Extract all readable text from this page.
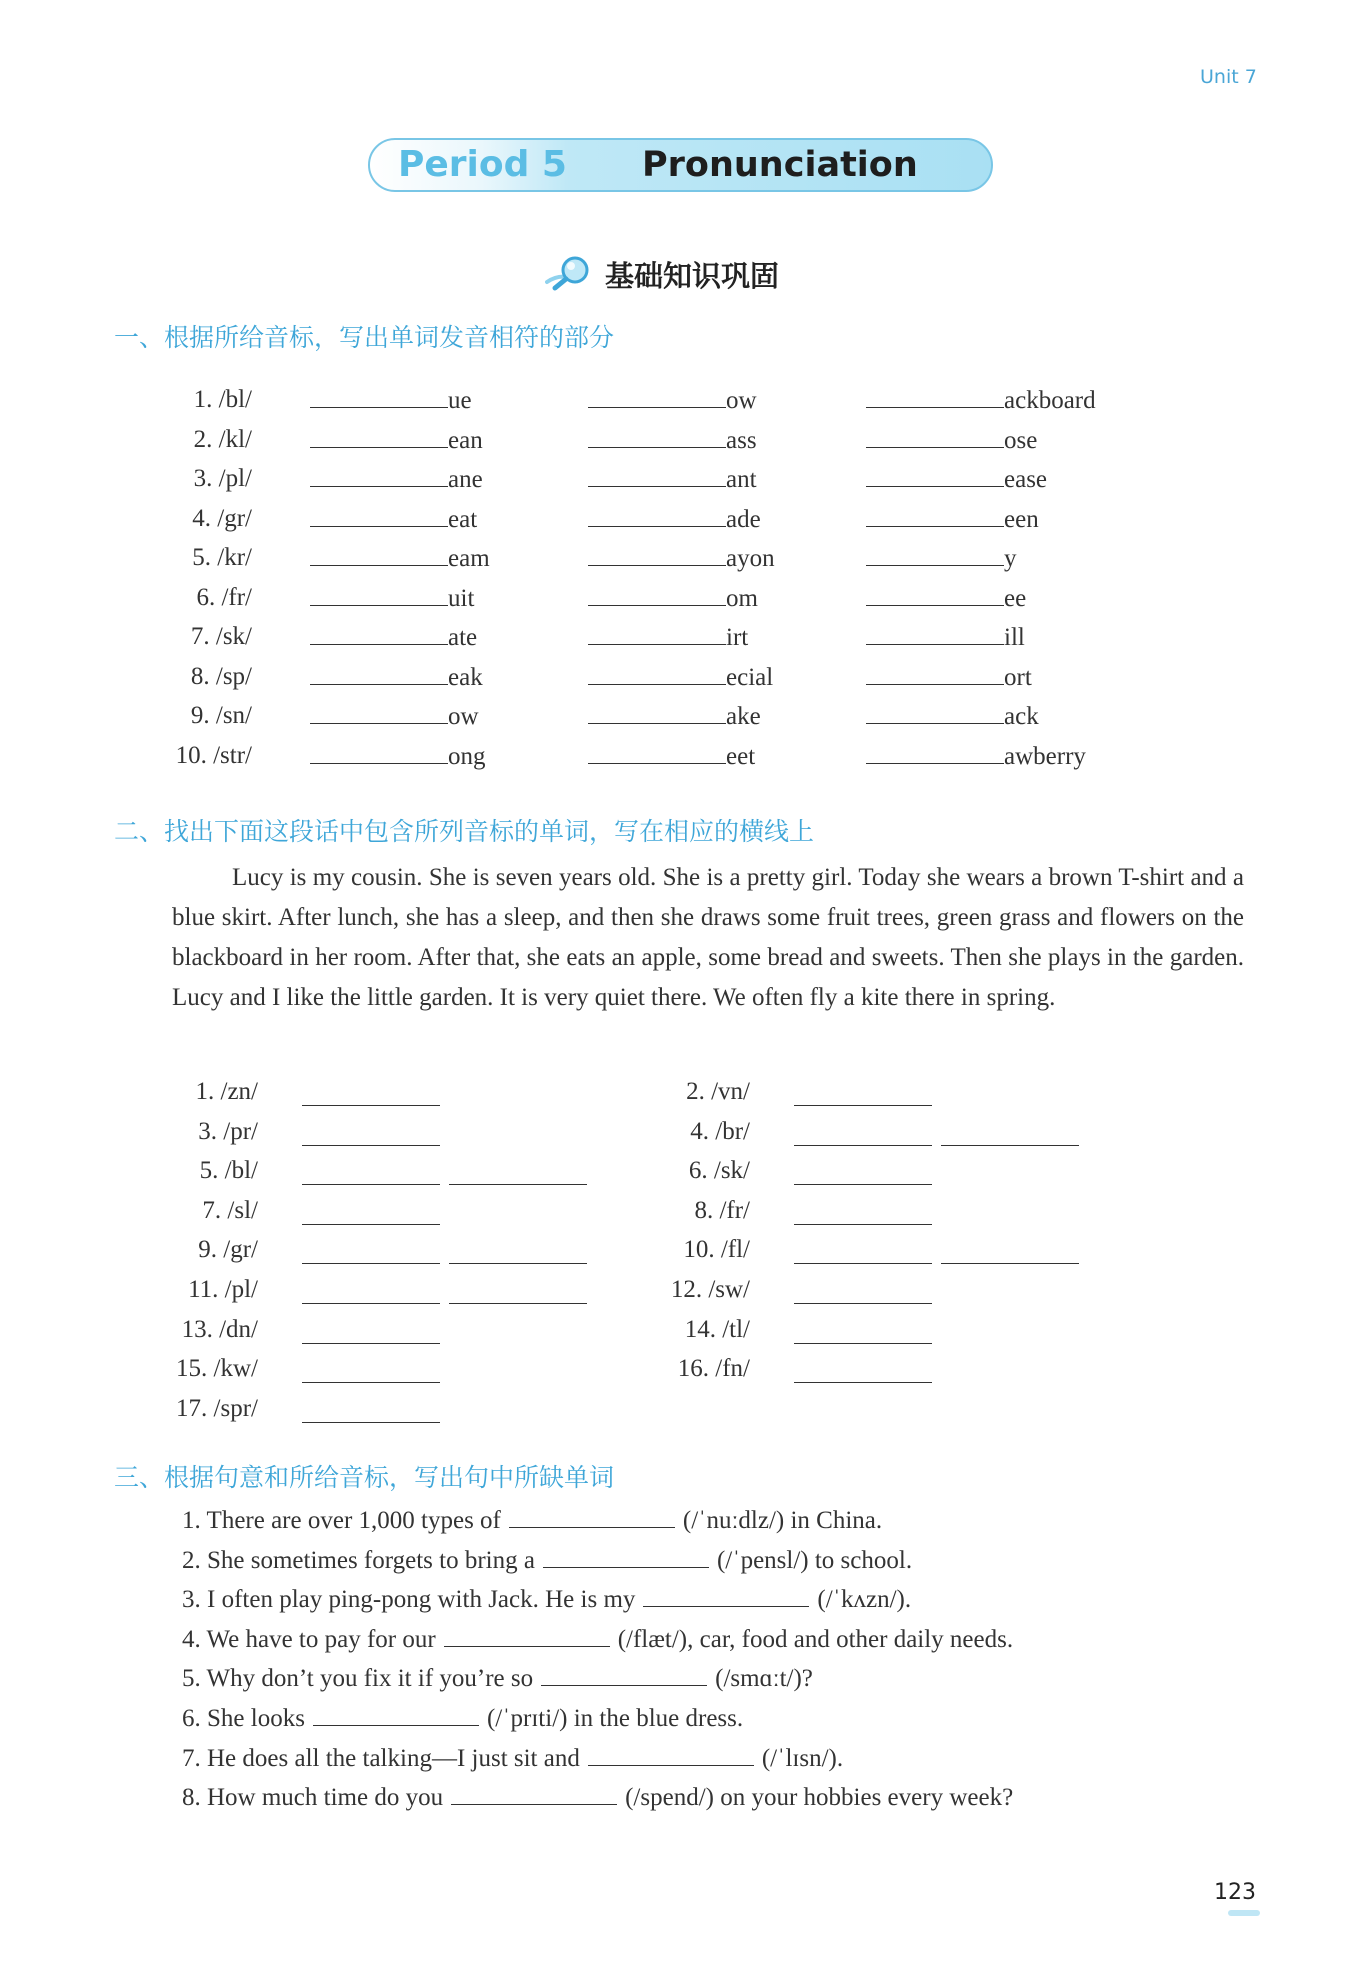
Unit 7
Period 5 Pronunciation
基础知识巩固
一、根据所给音标，写出单词发音相符的部分
1. /bl/	ue	ow	ackboard
2. /kl/	ean	ass	ose
3. /pl/	ane	ant	ease
4. /gr/	eat	ade	een
5. /kr/	eam	ayon	y
6. /fr/	uit	om	ee
7. /sk/	ate	irt	ill
8. /sp/	eak	ecial	ort
9. /sn/	ow	ake	ack
10. /str/	ong	eet	awberry
二、找出下面这段话中包含所列音标的单词，写在相应的横线上
Lucy is my cousin. She is seven years old. She is a pretty girl. Today she wears a brown T-shirt and a blue skirt. After lunch, she has a sleep, and then she draws some fruit trees, green grass and flowers on the blackboard in her room. After that, she eats an apple, some bread and sweets. Then she plays in the garden. Lucy and I like the little garden. It is very quiet there. We often fly a kite there in spring.
1. /zn/	2. /vn/
3. /pr/	4. /br/
5. /bl/	6. /sk/
7. /sl/	8. /fr/
9. /gr/	10. /fl/
11. /pl/	12. /sw/
13. /dn/	14. /tl/
15. /kw/	16. /fn/
17. /spr/
三、根据句意和所给音标，写出句中所缺单词
1. There are over 1,000 types of	(/ˈnuːdlz/) in China.
2. She sometimes forgets to bring a	(/ˈpensl/) to school.
3. I often play ping-pong with Jack. He is my	(/ˈkʌzn/).
4. We have to pay for our	(/flæt/), car, food and other daily needs.
5. Why don’t you fix it if you’re so	(/smɑːt/)?
6. She looks	(/ˈprɪti/) in the blue dress.
7. He does all the talking—I just sit and	(/ˈlɪsn/).
8. How much time do you	(/spend/) on your hobbies every week?
123
